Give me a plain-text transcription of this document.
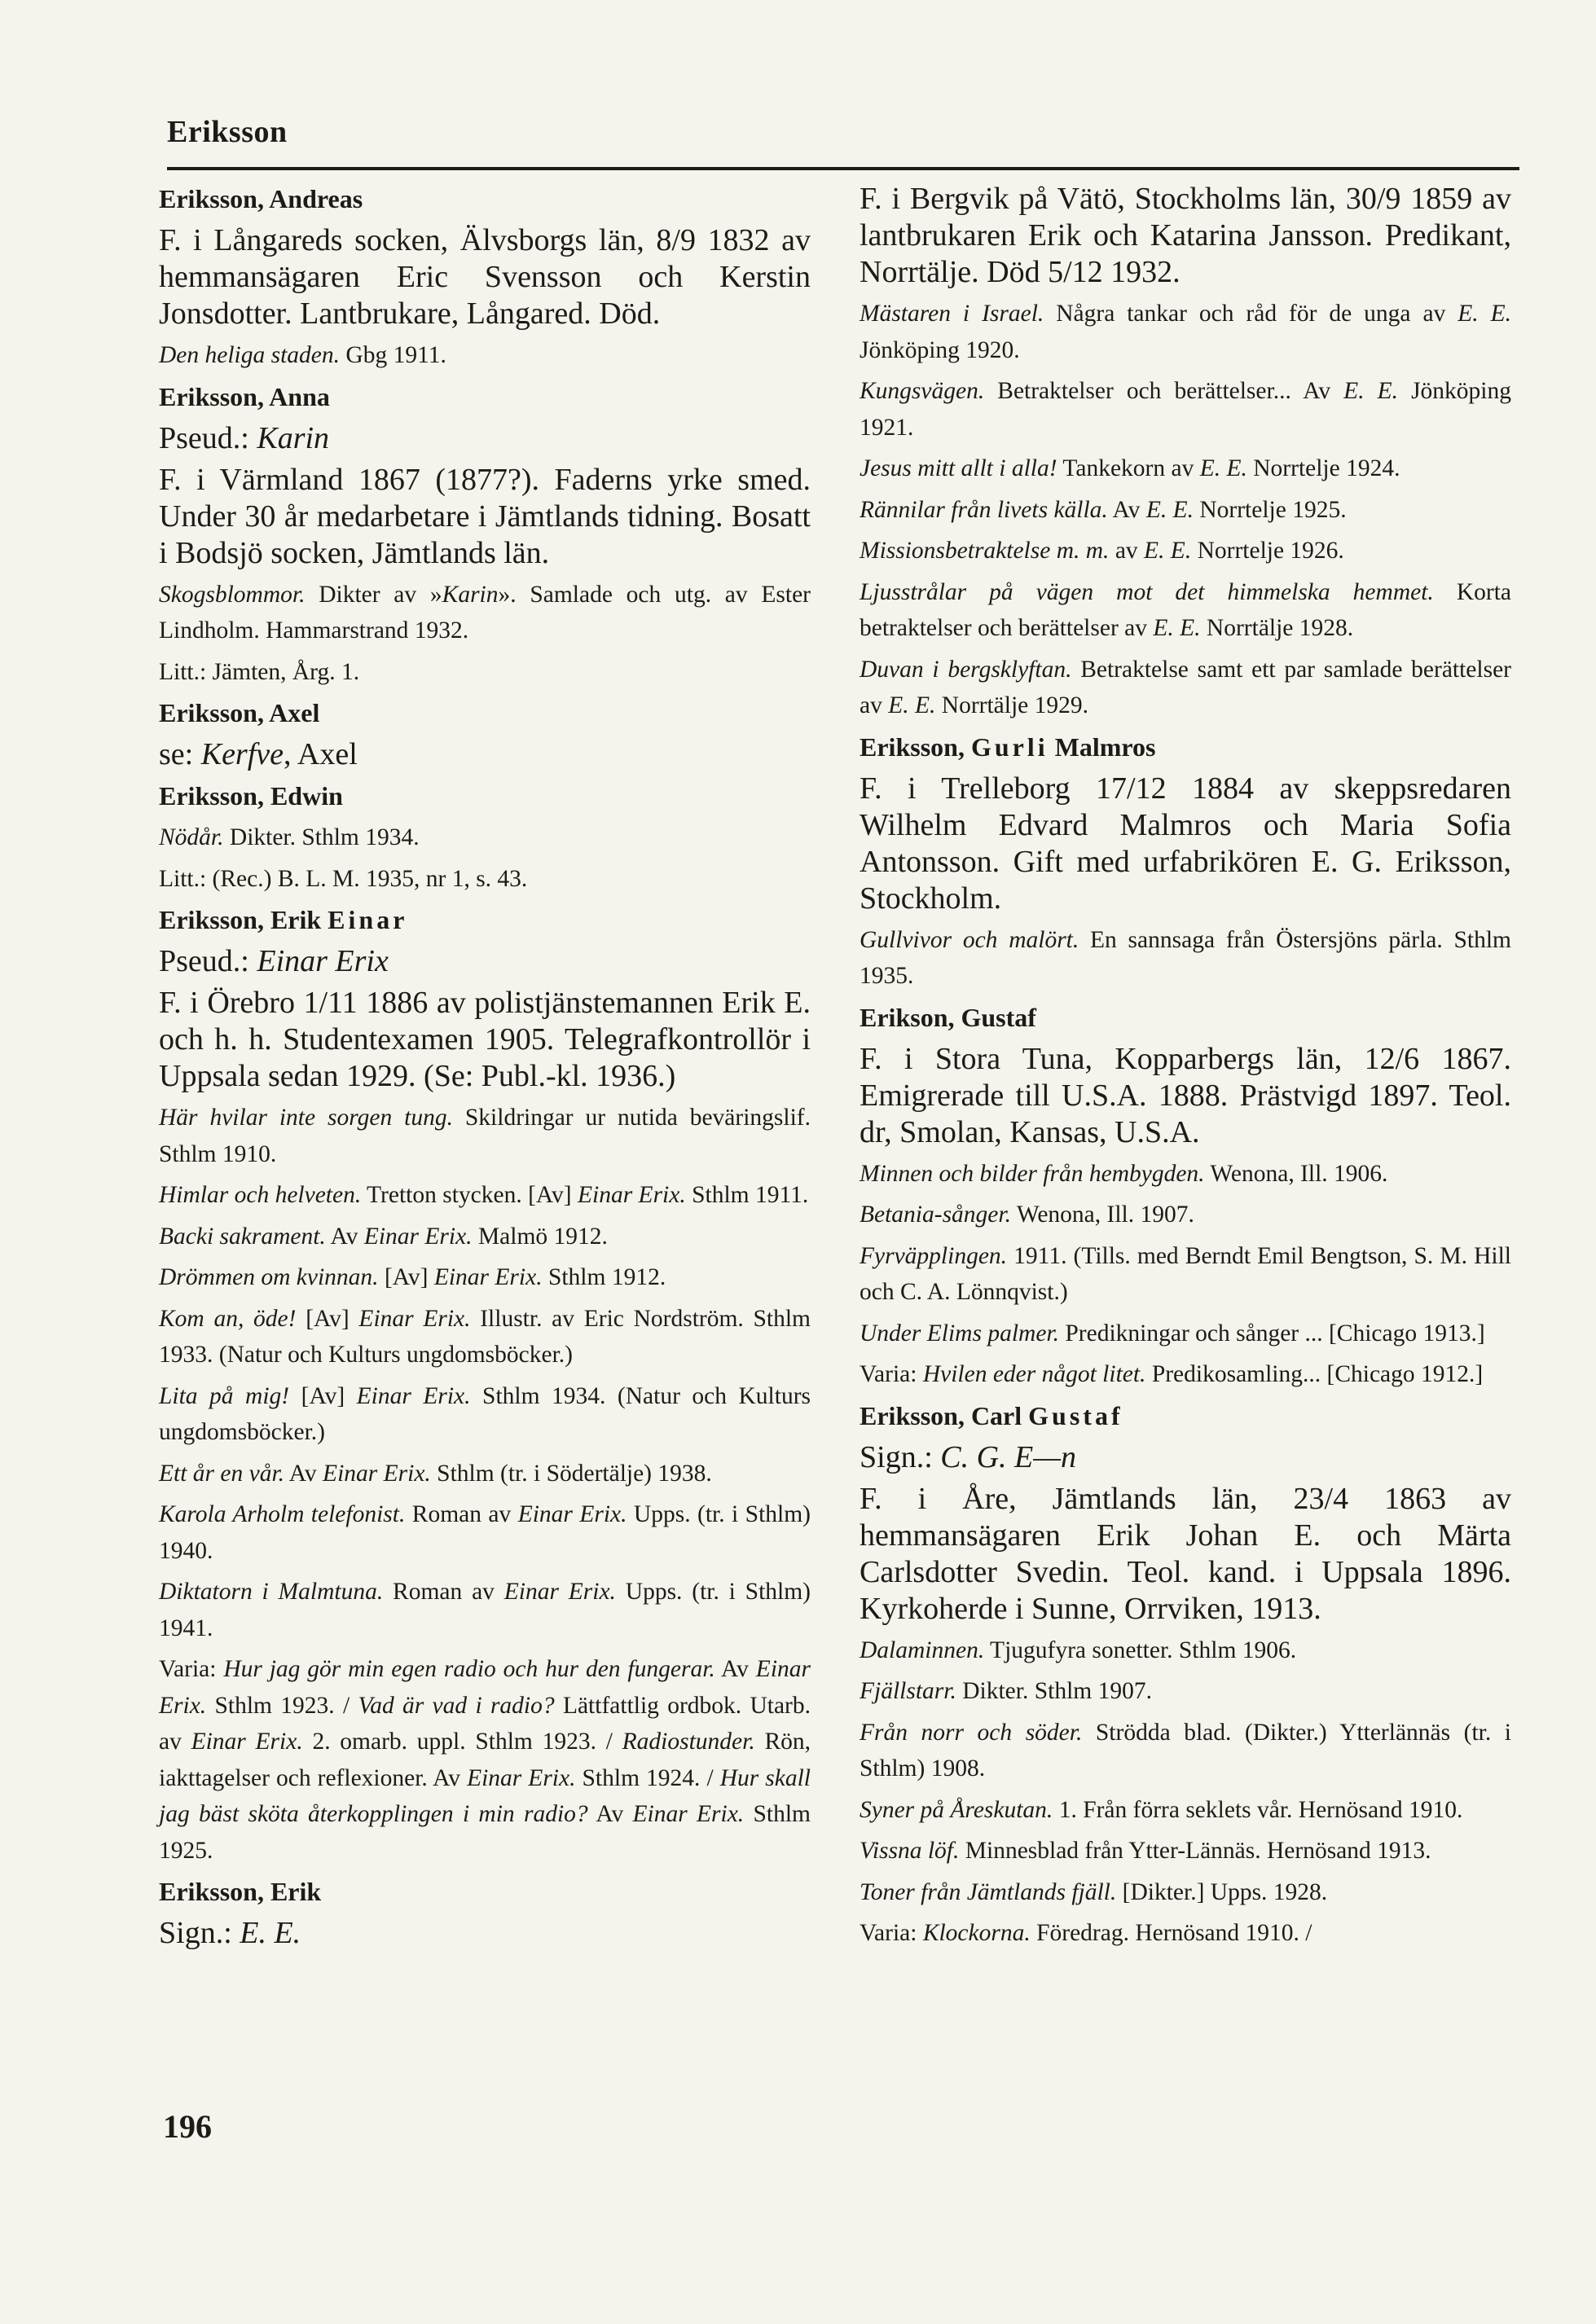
Eriksson
Eriksson, Andreas
F. i Långareds socken, Älvsborgs län, 8/9 1832 av hemmansägaren Eric Svensson och Kerstin Jonsdotter. Lantbrukare, Långared. Död.
Den heliga staden. Gbg 1911.
Eriksson, Anna
Pseud.: Karin
F. i Värmland 1867 (1877?). Faderns yrke smed. Under 30 år medarbetare i Jämtlands tidning. Bosatt i Bodsjö socken, Jämtlands län.
Skogsblommor. Dikter av »Karin». Samlade och utg. av Ester Lindholm. Hammarstrand 1932.
Litt.: Jämten, Årg. 1.
Eriksson, Axel
se: Kerfve, Axel
Eriksson, Edwin
Nödår. Dikter. Sthlm 1934.
Litt.: (Rec.) B. L. M. 1935, nr 1, s. 43.
Eriksson, Erik Einar
Pseud.: Einar Erix
F. i Örebro 1/11 1886 av polistjänstemannen Erik E. och h. h. Studentexamen 1905. Telegrafkontrollör i Uppsala sedan 1929. (Se: Publ.-kl. 1936.)
Här hvilar inte sorgen tung. Skildringar ur nutida beväringslif. Sthlm 1910.
Himlar och helveten. Tretton stycken. [Av] Einar Erix. Sthlm 1911.
Backi sakrament. Av Einar Erix. Malmö 1912.
Drömmen om kvinnan. [Av] Einar Erix. Sthlm 1912.
Kom an, öde! [Av] Einar Erix. Illustr. av Eric Nordström. Sthlm 1933. (Natur och Kulturs ungdomsböcker.)
Lita på mig! [Av] Einar Erix. Sthlm 1934. (Natur och Kulturs ungdomsböcker.)
Ett år en vår. Av Einar Erix. Sthlm (tr. i Södertälje) 1938.
Karola Arholm telefonist. Roman av Einar Erix. Upps. (tr. i Sthlm) 1940.
Diktatorn i Malmtuna. Roman av Einar Erix. Upps. (tr. i Sthlm) 1941.
Varia: Hur jag gör min egen radio och hur den fungerar. Av Einar Erix. Sthlm 1923. / Vad är vad i radio? Lättfattlig ordbok. Utarb. av Einar Erix. 2. omarb. uppl. Sthlm 1923. / Radiostunder. Rön, iakttagelser och reflexioner. Av Einar Erix. Sthlm 1924. / Hur skall jag bäst sköta återkopplingen i min radio? Av Einar Erix. Sthlm 1925.
Eriksson, Erik
Sign.: E. E.
F. i Bergvik på Vätö, Stockholms län, 30/9 1859 av lantbrukaren Erik och Katarina Jansson. Predikant, Norrtälje. Död 5/12 1932.
Mästaren i Israel. Några tankar och råd för de unga av E. E. Jönköping 1920.
Kungsvägen. Betraktelser och berättelser... Av E. E. Jönköping 1921.
Jesus mitt allt i alla! Tankekorn av E. E. Norrtelje 1924.
Rännilar från livets källa. Av E. E. Norrtelje 1925.
Missionsbetraktelse m. m. av E. E. Norrtelje 1926.
Ljusstrålar på vägen mot det himmelska hemmet. Korta betraktelser och berättelser av E. E. Norrtälje 1928.
Duvan i bergsklyftan. Betraktelse samt ett par samlade berättelser av E. E. Norrtälje 1929.
Eriksson, Gurli Malmros
F. i Trelleborg 17/12 1884 av skeppsredaren Wilhelm Edvard Malmros och Maria Sofia Antonsson. Gift med urfabrikören E. G. Eriksson, Stockholm.
Gullvivor och malört. En sannsaga från Östersjöns pärla. Sthlm 1935.
Erikson, Gustaf
F. i Stora Tuna, Kopparbergs län, 12/6 1867. Emigrerade till U.S.A. 1888. Prästvigd 1897. Teol. dr, Smolan, Kansas, U.S.A.
Minnen och bilder från hembygden. Wenona, Ill. 1906.
Betania-sånger. Wenona, Ill. 1907.
Fyrväpplingen. 1911. (Tills. med Berndt Emil Bengtson, S. M. Hill och C. A. Lönnqvist.)
Under Elims palmer. Predikningar och sånger ... [Chicago 1913.]
Varia: Hvilen eder något litet. Predikosamling... [Chicago 1912.]
Eriksson, Carl Gustaf
Sign.: C. G. E—n
F. i Åre, Jämtlands län, 23/4 1863 av hemmansägaren Erik Johan E. och Märta Carlsdotter Svedin. Teol. kand. i Uppsala 1896. Kyrkoherde i Sunne, Orrviken, 1913.
Dalaminnen. Tjugufyra sonetter. Sthlm 1906.
Fjällstarr. Dikter. Sthlm 1907.
Från norr och söder. Strödda blad. (Dikter.) Ytterlännäs (tr. i Sthlm) 1908.
Syner på Åreskutan. 1. Från förra seklets vår. Hernösand 1910.
Vissna löf. Minnesblad från Ytter-Lännäs. Hernösand 1913.
Toner från Jämtlands fjäll. [Dikter.] Upps. 1928.
Varia: Klockorna. Föredrag. Hernösand 1910. /
196
